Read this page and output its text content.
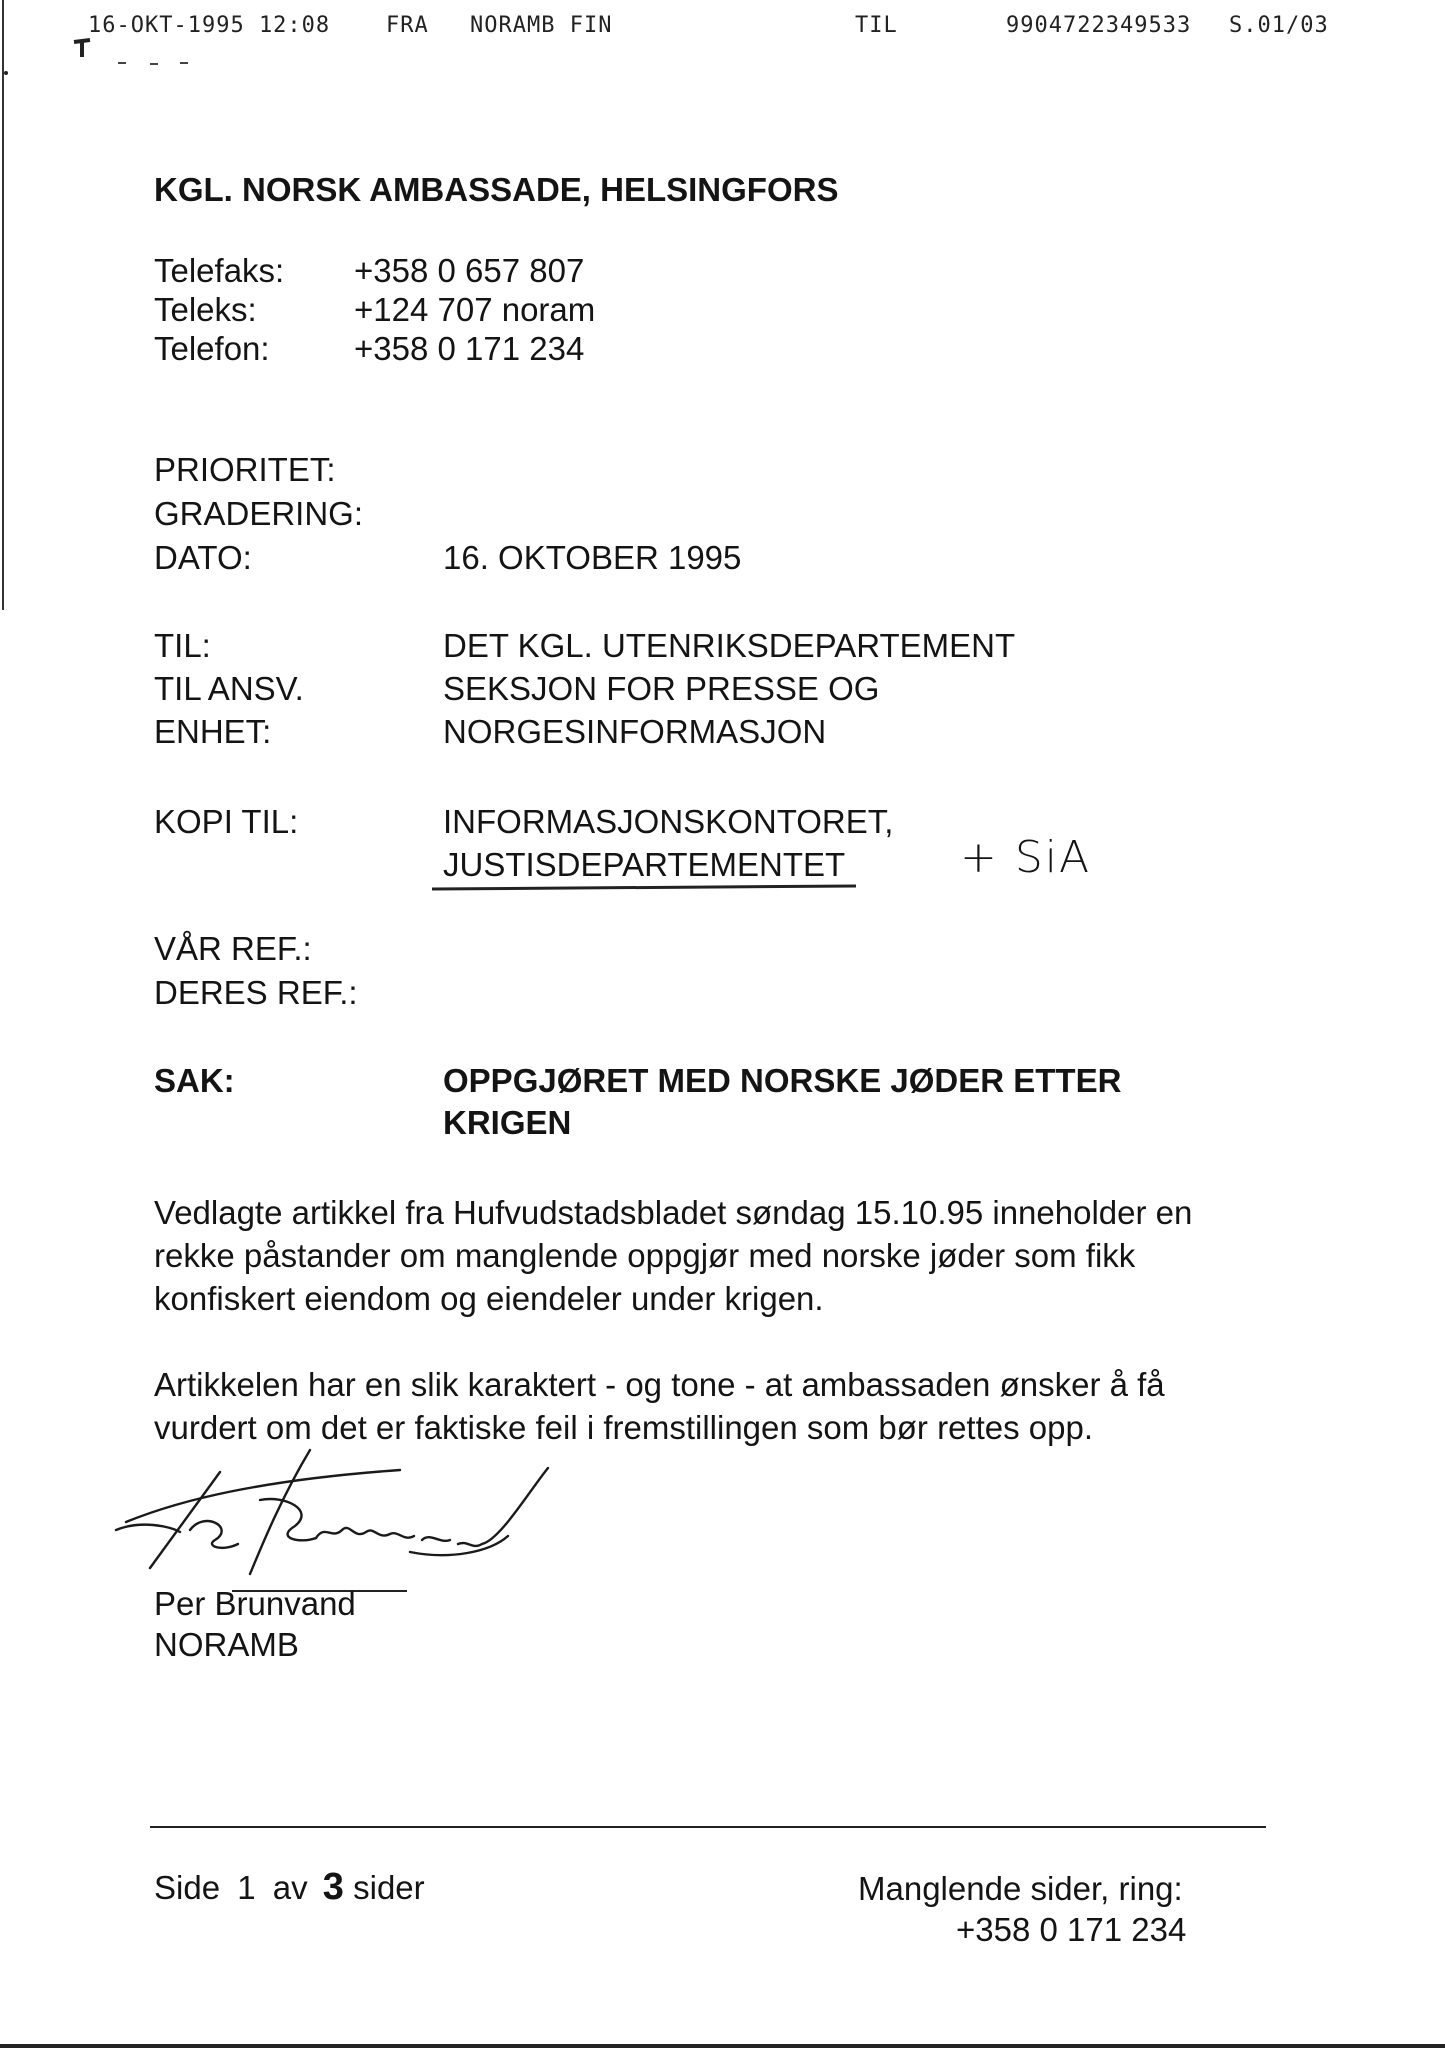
16-OKT-1995 12:08	FRA NORAMB FIN	TIL	99047223495​33 S.01/03
KGL. NORSK AMBASSADE, HELSINGFORS
Telefaks: +358 0 657 807
Teleks:	+124 707 noram
Telefon:	+358 0 171 234
PRIORITET:
GRADERING:
DATO:	16. OKTOBER 1995
TIL:	DET KGL. UTENRIKSDEPARTEMENT
TIL ANSV.	SEKSJON FOR PRESSE OG
ENHET:	NORGESINFORMASJON
KOPI TIL:	INFORMASJONSKONTORET,
JUSTISDEPARTEMENTET	+ SiA
VÅR REF.:
DERES REF.:
SAK:	OPPGJØRET MED NORSKE JØDER ETTER
KRIGEN
Vedlagte artikkel fra Hufvudstadsbladet søndag 15.10.95 inneholder en
rekke påstander om manglende oppgjør med norske jøder som fikk
konfiskert eiendom og eiendeler under krigen.
Artikkelen har en slik karaktert - og tone - at ambassaden ønsker å få
vurdert om det er faktiske feil i fremstillingen som bør rettes opp.
Per Brunvand
NORAMB
Side 1 av 3 sider	Manglende sider, ring:
+358 0 171 234
